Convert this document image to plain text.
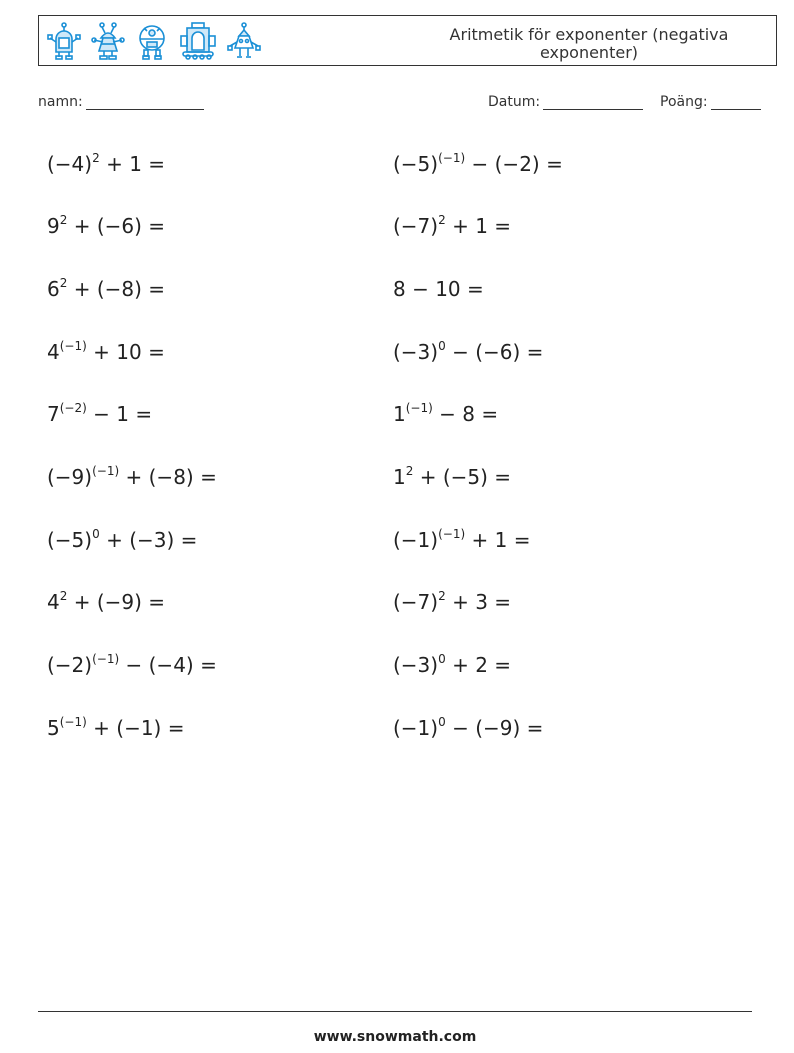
Aritmetik för exponenter (negativa exponenter)
namn:	Datum:	Poäng:
$(-4)^2 + 1$ =	$(-5)^{(-1)} - (-2)$ =
$9^2 + (-6)$ =	$(-7)^2 + 1$ =
$6^2 + (-8)$ =	8 − 10 =
$4^{(-1)} + 10$ =	$(-3)^0 - (-6)$ =
$7^{(-2)} - 1$ =	$1^{(-1)} - 8$ =
$(-9)^{(-1)} + (-8)$ =	$1^2 + (-5)$ =
$(-5)^0 + (-3)$ =	$(-1)^{(-1)} + 1$ =
$4^2 + (-9)$ =	$(-7)^2 + 3$ =
$(-2)^{(-1)} - (-4)$ =	$(-3)^0 + 2$ =
$5^{(-1)} + (-1)$ =	$(-1)^0 - (-9)$ =
www.snowmath.com
